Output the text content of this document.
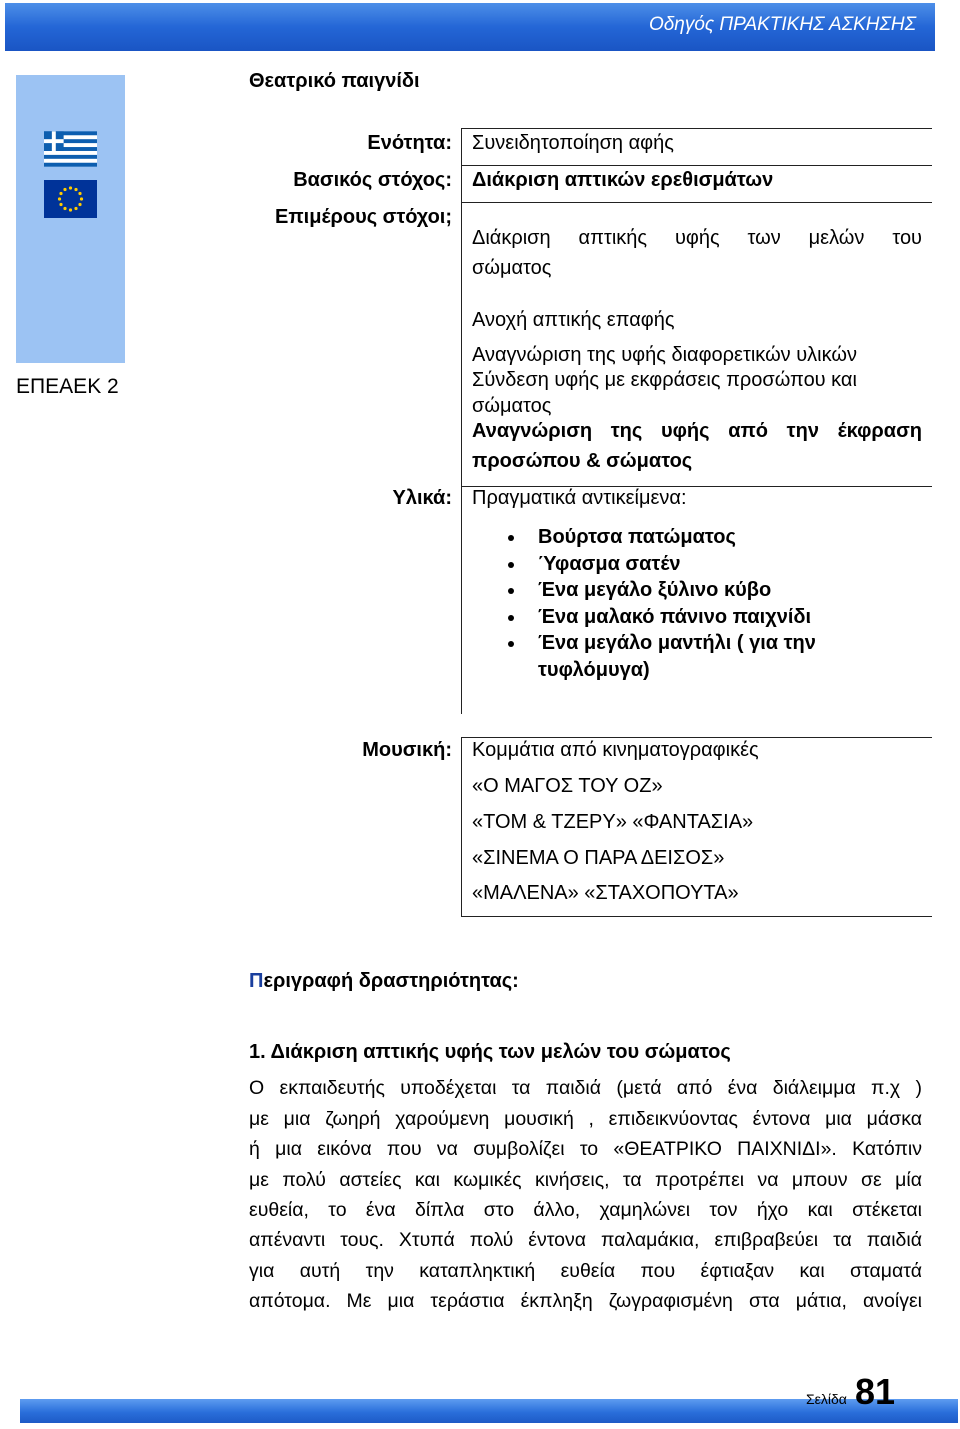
Οδηγός ΠΡΑΚΤΙΚΗΣ ΑΣΚΗΣΗΣ
ΕΠΕΑΕΚ 2
Θεατρικό παιγνίδι
Ενότητα: Συνειδητοποίηση αφής
Βασικός στόχος: Διάκριση απτικών ερεθισμάτων
Επιμέρους στόχοι;
Διάκριση απτικής υφής των μελών του
σώματος
Ανοχή απτικής επαφής
Αναγνώριση της υφής διαφορετικών υλικών
Σύνδεση υφής με εκφράσεις προσώπου και
σώματος
Αναγνώριση της υφής από την έκφραση
προσώπου & σώματος
Υλικά: Πραγματικά αντικείμενα:
Βούρτσα πατώματος
Ύφασμα σατέν
Ένα μεγάλο ξύλινο κύβο
Ένα μαλακό πάνινο παιχνίδι
Ένα μεγάλο μαντήλι ( για την
τυφλόμυγα)
Μουσική: Κομμάτια από κινηματογραφικές
«Ο ΜΑΓΟΣ ΤΟΥ ΟΖ»
«ΤΟΜ & ΤΖΕΡΥ» «ΦΑΝΤΑΣΙΑ»
«ΣΙΝΕΜΑ Ο ΠΑΡΑ ΔΕΙΣΟΣ»
«ΜΑΛΕΝΑ» «ΣΤΑΧΟΠΟΥΤΑ»
Περιγραφή δραστηριότητας:
1. Διάκριση απτικής υφής των μελών του σώματος
Ο εκπαιδευτής υποδέχεται τα παιδιά (μετά από ένα διάλειμμα π.χ )
με μια ζωηρή χαρούμενη μουσική , επιδεικνύοντας έντονα μια μάσκα
ή μια εικόνα που να συμβολίζει το «ΘΕΑΤΡΙΚΟ ΠΑΙΧΝΙΔΙ». Κατόπιν
με πολύ αστείες και κωμικές κινήσεις, τα προτρέπει να μπουν σε μία
ευθεία, το ένα δίπλα στο άλλο, χαμηλώνει τον ήχο και στέκεται
απέναντι τους. Χτυπά πολύ έντονα παλαμάκια, επιβραβεύει τα παιδιά
για αυτή την καταπληκτική ευθεία που έφτιαξαν και σταματά
απότομα. Με μια τεράστια έκπληξη ζωγραφισμένη στα μάτια, ανοίγει
Σελίδα 81
